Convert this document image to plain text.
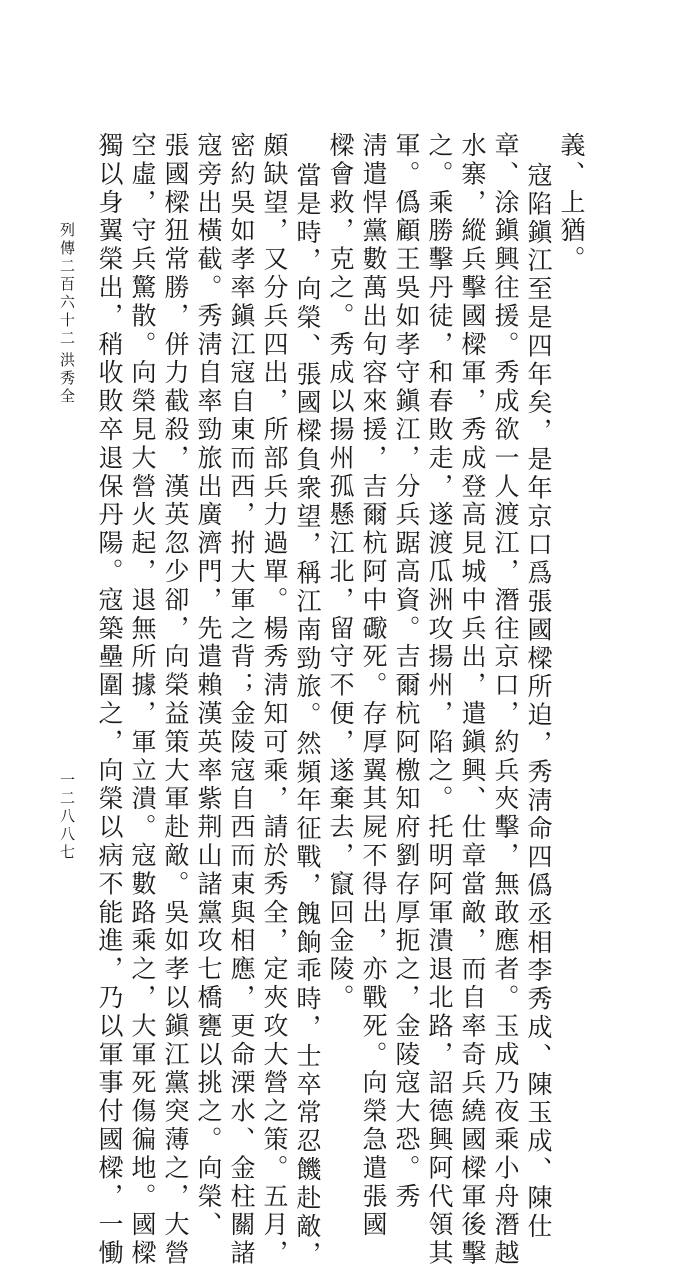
義、上猶。
寇陷鎭江至是四年矣，是年京口爲張國樑所迫，秀淸命四僞丞相李秀成、陳玉成、陳仕
章、涂鎭興往援。秀成欲一人渡江，潛往京口，約兵夾擊，無敢應者。玉成乃夜乘小舟潛越
水寨，縱兵擊國樑軍，秀成登高見城中兵出，遣鎭興、仕章當敵，而自率奇兵繞國樑軍後擊
之。乘勝擊丹徒，和春敗走，遂渡瓜洲攻揚州，陷之。托明阿軍潰退北路，詔德興阿代領其
軍。僞顧王吳如孝守鎭江，分兵踞高資。吉爾杭阿檄知府劉存厚扼之，金陵寇大恐。秀
淸遣悍黨數萬出句容來援，吉爾杭阿中礮死。存厚翼其屍不得出，亦戰死。向榮急遣張國
樑會救，克之。秀成以揚州孤懸江北，留守不便，遂棄去，竄回金陵。
當是時，向榮、張國樑負衆望，稱江南勁旅。然頻年征戰，餽餉乖時，士卒常忍饑赴敵，
頗缺望，又分兵四出，所部兵力過單。楊秀淸知可乘，請於秀全，定夾攻大營之策。五月，
密約吳如孝率鎭江寇自東而西，拊大軍之背；金陵寇自西而東與相應，更命溧水、金柱關諸
寇旁出橫截。秀淸自率勁旅出廣濟門，先遣賴漢英率紫荆山諸黨攻七橋甕以挑之。向榮、
張國樑狃常勝，併力截殺，漢英忽少卻，向榮益策大軍赴敵。吳如孝以鎭江黨突薄之，大營
空虛，守兵驚散。向榮見大營火起，退無所據，軍立潰。寇數路乘之，大軍死傷徧地。國樑
獨以身翼榮出，稍收敗卒退保丹陽。寇築壘圍之，向榮以病不能進，乃以軍事付國樑，一慟
列傳二百六十二
洪秀全
一二八八七
